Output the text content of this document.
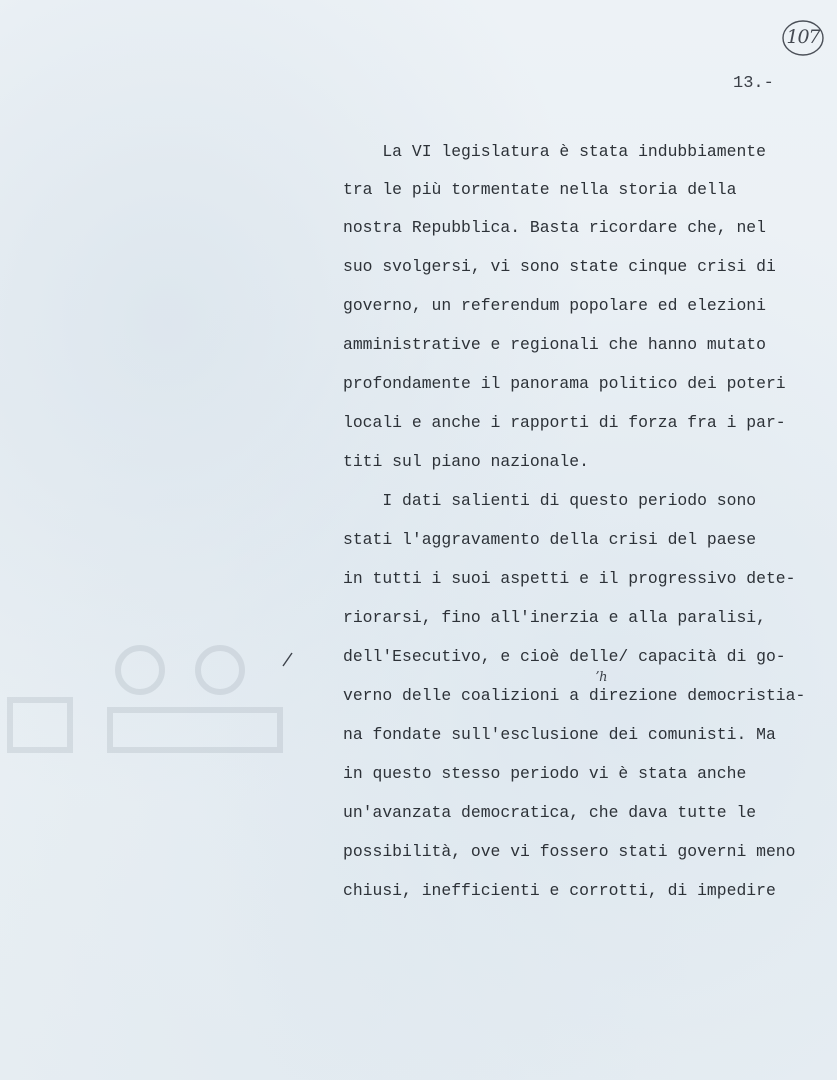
107
13.-
La VI legislatura è stata indubbiamente
tra le più tormentate nella storia della
nostra Repubblica. Basta ricordare che, nel
suo svolgersi, vi sono state cinque crisi di
governo, un referendum popolare ed elezioni
amministrative e regionali che hanno mutato
profondamente il panorama politico dei poteri
locali e anche i rapporti di forza fra i par-
titi sul piano nazionale.
I dati salienti di questo periodo sono
stati l'aggravamento della crisi del paese
in tutti i suoi aspetti e il progressivo dete-
riorarsi, fino all'inerzia e alla paralisi,
dell'Esecutivo, e cioè delle/ capacità di go-
verno delle coalizioni a direzione democristia-
na fondate sull'esclusione dei comunisti. Ma
in questo stesso periodo vi è stata anche
un'avanzata democratica, che dava tutte le
possibilità, ove vi fossero stati governi meno
chiusi, inefficienti e corrotti, di impedire
ʼh
